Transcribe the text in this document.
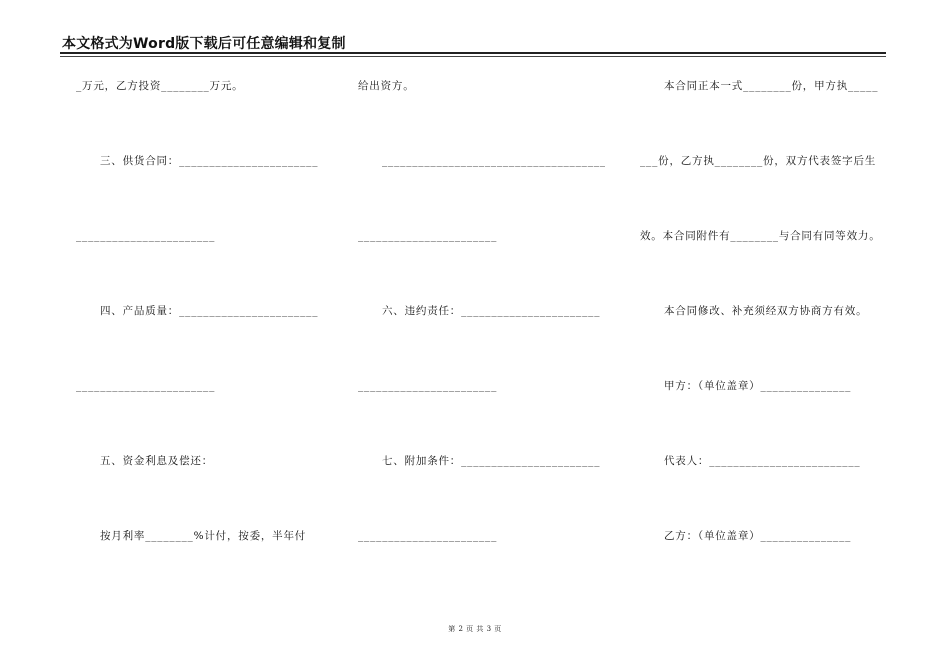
本文格式为Word版下载后可任意编辑和复制
_万元，乙方投资________万元。
三、供货合同：_______________________
_______________________
四、产品质量：_______________________
_______________________
五、资金利息及偿还：
按月利率________%计付，按委，半年付
给出资方。
_____________________________________
_______________________
六、违约责任：_______________________
_______________________
七、附加条件：_______________________
_______________________
本合同正本一式________份，甲方执_____
___份，乙方执________份，双方代表签字后生
效。本合同附件有________与合同有同等效力。
本合同修改、补充须经双方协商方有效。
甲方：（单位盖章）_______________
代表人：_________________________
乙方：（单位盖章）_______________
第 2 页 共 3 页
